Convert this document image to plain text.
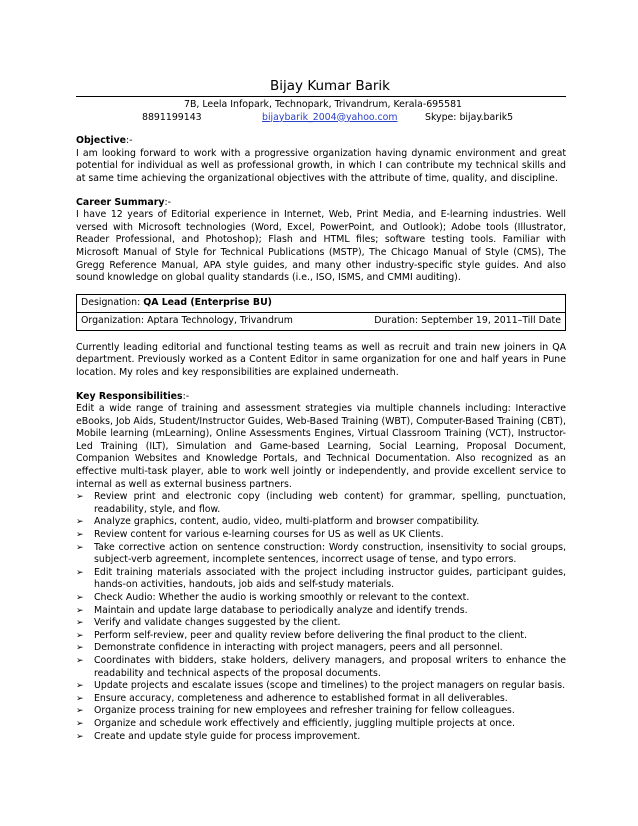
Bijay Kumar Barik

7B, Leela Infopark, Technopark, Trivandrum, Kerala-695581
8891199143	bijaybarik_2004@yahoo.com	Skype: bijay.barik5
Objective:-

I am looking forward to work with a progressive organization having dynamic environment and great potential for individual as well as professional growth, in which I can contribute my technical skills and at same time achieving the organizational objectives with the attribute of time, quality, and discipline.

Career Summary:-

I have 12 years of Editorial experience in Internet, Web, Print Media, and E-learning industries. Well versed with Microsoft technologies (Word, Excel, PowerPoint, and Outlook); Adobe tools (Illustrator, Reader Professional, and Photoshop); Flash and HTML files; software testing tools. Familiar with Microsoft Manual of Style for Technical Publications (MSTP), The Chicago Manual of Style (CMS), The Gregg Reference Manual, APA style guides, and many other industry-specific style guides. And also sound knowledge on global quality standards (i.e., ISO, ISMS, and CMMI auditing).

Designation: QA Lead (Enterprise BU)
Organization: Aptara Technology, Trivandrum	Duration: September 19, 2011–Till Date

Currently leading editorial and functional testing teams as well as recruit and train new joiners in QA department. Previously worked as a Content Editor in same organization for one and half years in Pune location. My roles and key responsibilities are explained underneath.

Key Responsibilities:-

Edit a wide range of training and assessment strategies via multiple channels including: Interactive eBooks, Job Aids, Student/Instructor Guides, Web-Based Training (WBT), Computer-Based Training (CBT), Mobile learning (mLearning), Online Assessments Engines, Virtual Classroom Training (VCT), Instructor-Led Training (ILT), Simulation and Game-based Learning, Social Learning, Proposal Document, Companion Websites and Knowledge Portals, and Technical Documentation. Also recognized as an effective multi-task player, able to work well jointly or independently, and provide excellent service to internal as well as external business partners.

➢ Review print and electronic copy (including web content) for grammar, spelling, punctuation, readability, style, and flow.
➢ Analyze graphics, content, audio, video, multi-platform and browser compatibility.
➢ Review content for various e-learning courses for US as well as UK Clients.
➢ Take corrective action on sentence construction: Wordy construction, insensitivity to social groups, subject-verb agreement, incomplete sentences, incorrect usage of tense, and typo errors.
➢ Edit training materials associated with the project including instructor guides, participant guides, hands-on activities, handouts, job aids and self-study materials.
➢ Check Audio: Whether the audio is working smoothly or relevant to the context.
➢ Maintain and update large database to periodically analyze and identify trends.
➢ Verify and validate changes suggested by the client.
➢ Perform self-review, peer and quality review before delivering the final product to the client.
➢ Demonstrate confidence in interacting with project managers, peers and all personnel.
➢ Coordinates with bidders, stake holders, delivery managers, and proposal writers to enhance the readability and technical aspects of the proposal documents.
➢ Update projects and escalate issues (scope and timelines) to the project managers on regular basis.
➢ Ensure accuracy, completeness and adherence to established format in all deliverables.
➢ Organize process training for new employees and refresher training for fellow colleagues.
➢ Organize and schedule work effectively and efficiently, juggling multiple projects at once.
➢ Create and update style guide for process improvement.
